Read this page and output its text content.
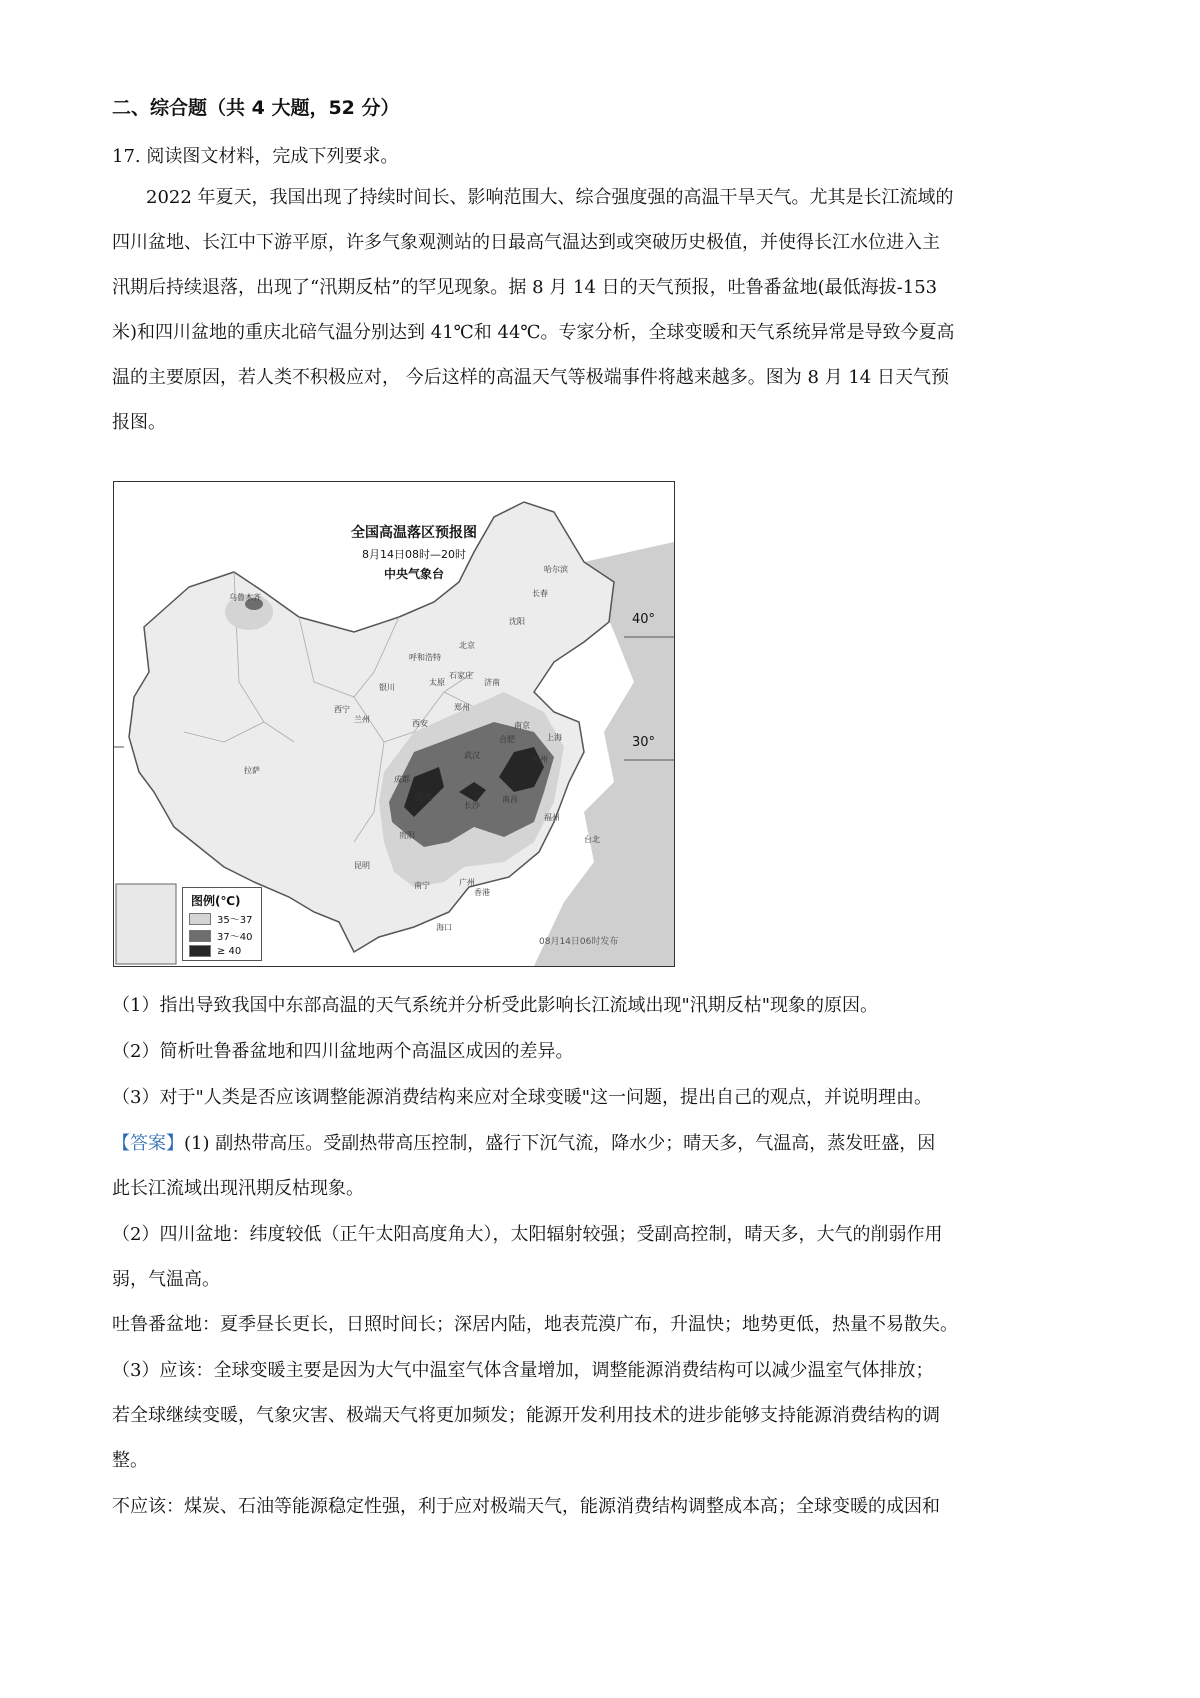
二、综合题（共 4 大题，52 分）
17. 阅读图文材料，完成下列要求。
2022 年夏天，我国出现了持续时间长、影响范围大、综合强度强的高温干旱天气。尤其是长江流域的
四川盆地、长江中下游平原，许多气象观测站的日最高气温达到或突破历史极值，并使得长江水位进入主
汛期后持续退落，出现了“汛期反枯”的罕见现象。据 8 月 14 日的天气预报，吐鲁番盆地(最低海拔-153
米)和四川盆地的重庆北碚气温分别达到 41℃和 44℃。专家分析，全球变暖和天气系统异常是导致今夏高
温的主要原因，若人类不积极应对， 今后这样的高温天气等极端事件将越来越多。图为 8 月 14 日天气预
报图。
全国高温落区预报图
8月14日08时—20时
中央气象台
40°
30°
乌鲁木齐
哈尔滨
长春
沈阳
北京
呼和浩特
太原
石家庄
济南
银川
西宁
兰州
郑州
西安
武汉
合肥
南京
上海
杭州
成都
重庆
长沙
南昌
福州
贵阳
昆明
南宁	广州
香港
海口
拉萨
台北
图例(℃)
35～37
37～40
≥ 40
08月14日06时发布
（1）指出导致我国中东部高温的天气系统并分析受此影响长江流域出现"汛期反枯"现象的原因。
（2）简析吐鲁番盆地和四川盆地两个高温区成因的差异。
（3）对于"人类是否应该调整能源消费结构来应对全球变暖"这一问题，提出自己的观点，并说明理由。
【答案】(1) 副热带高压。受副热带高压控制，盛行下沉气流，降水少；晴天多，气温高，蒸发旺盛，因
此长江流域出现汛期反枯现象。
（2）四川盆地：纬度较低（正午太阳高度角大），太阳辐射较强；受副高控制，晴天多，大气的削弱作用
弱，气温高。
吐鲁番盆地：夏季昼长更长，日照时间长；深居内陆，地表荒漠广布，升温快；地势更低，热量不易散失。
（3）应该：全球变暖主要是因为大气中温室气体含量增加，调整能源消费结构可以减少温室气体排放；
若全球继续变暖，气象灾害、极端天气将更加频发；能源开发利用技术的进步能够支持能源消费结构的调
整。
不应该：煤炭、石油等能源稳定性强，利于应对极端天气，能源消费结构调整成本高；全球变暖的成因和
